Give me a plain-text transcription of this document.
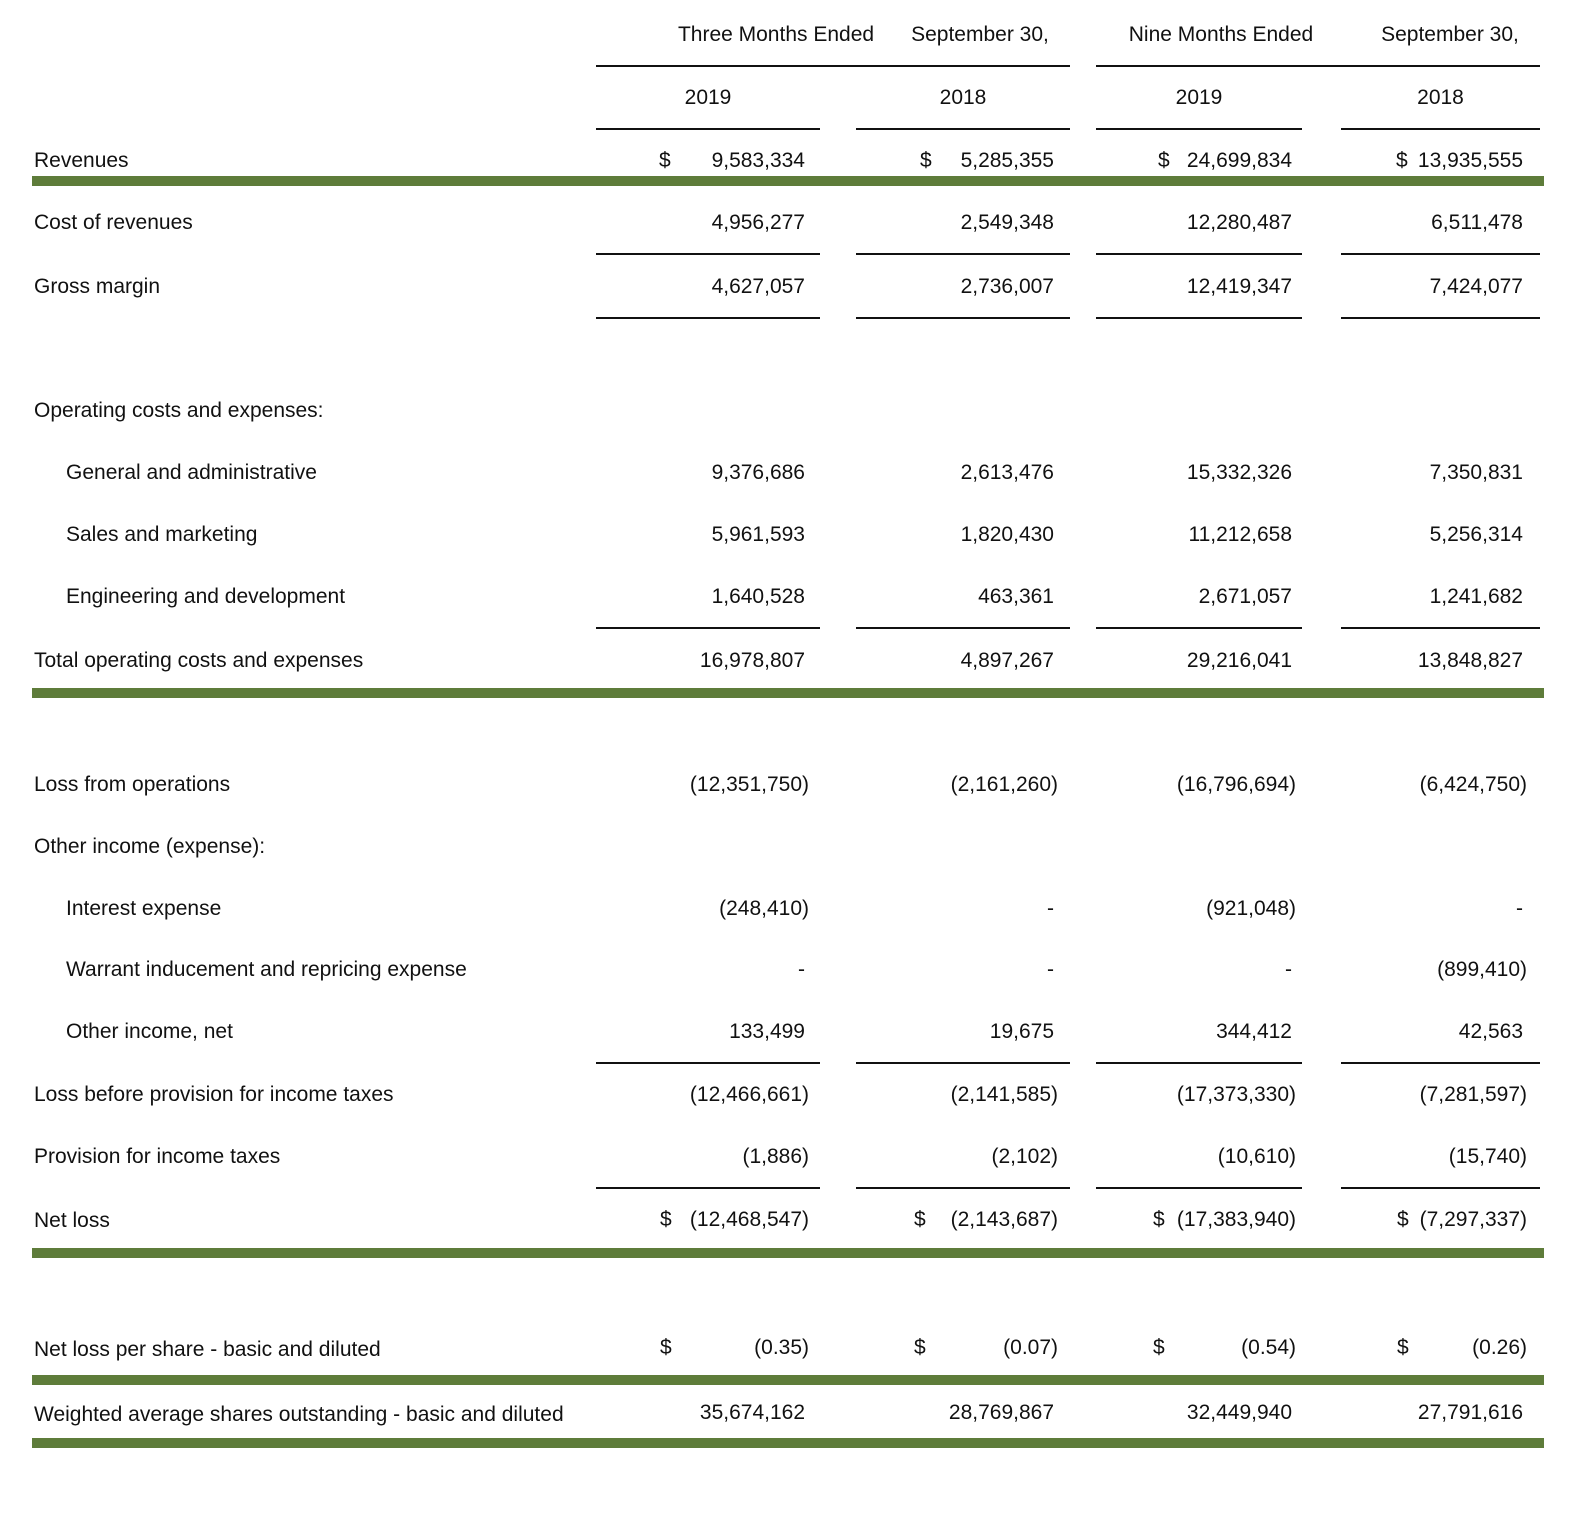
Three Months Ended	September 30,	Nine Months Ended	September 30,
2019	2018	2019	2018
Revenues	$	9,583,334	$	5,285,355	$ 24,699,834	$ 13,935,555
Cost of revenues	4,956,277	2,549,348	12,280,487	6,511,478
Gross margin	4,627,057	2,736,007	12,419,347	7,424,077
Operating costs and expenses:
General and administrative	9,376,686	2,613,476	15,332,326	7,350,831
Sales and marketing	5,961,593	1,820,430	11,212,658	5,256,314
Engineering and development	1,640,528	463,361	2,671,057	1,241,682
Total operating costs and expenses	16,978,807	4,897,267	29,216,041	13,848,827
Loss from operations	(12,351,750)	(2,161,260)	(16,796,694)	(6,424,750)
Other income (expense):
Interest expense	(248,410)	-	(921,048)	-
Warrant inducement and repricing expense	-	-	-	(899,410)
Other income, net	133,499	19,675	344,412	42,563
Loss before provision for income taxes	(12,466,661)	(2,141,585)	(17,373,330)	(7,281,597)
Provision for income taxes	(1,886)	(2,102)	(10,610)	(15,740)
Net loss	$ (12,468,547)	$	(2,143,687)	$ (17,383,940)	$ (7,297,337)
Net loss per share - basic and diluted	$	(0.35)	$	(0.07)	$	(0.54)	$	(0.26)
Weighted average shares outstanding - basic and diluted	35,674,162	28,769,867	32,449,940	27,791,616
